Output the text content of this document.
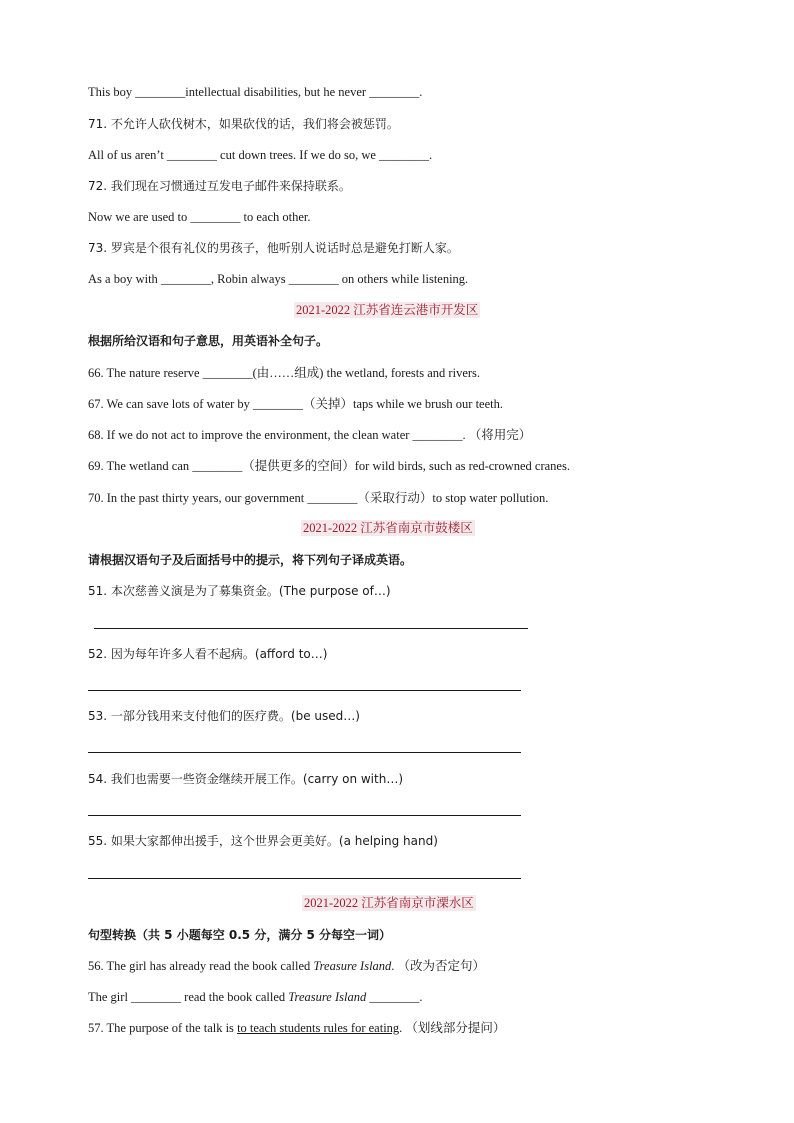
This boy ________intellectual disabilities, but he never ________.
71. 不允许人砍伐树木，如果砍伐的话，我们将会被惩罚。
All of us aren’t ________ cut down trees. If we do so, we ________.
72. 我们现在习惯通过互发电子邮件来保持联系。
Now we are used to ________ to each other.
73. 罗宾是个很有礼仪的男孩子，他听别人说话时总是避免打断人家。
As a boy with ________, Robin always ________ on others while listening.
2021-2022 江苏省连云港市开发区
根据所给汉语和句子意思，用英语补全句子。
66. The nature reserve ________(由……组成) the wetland, forests and rivers.
67. We can save lots of water by ________（关掉）taps while we brush our teeth.
68. If we do not act to improve the environment, the clean water ________. （将用完）
69. The wetland can ________（提供更多的空间）for wild birds, such as red-crowned cranes.
70. In the past thirty years, our government ________（采取行动）to stop water pollution.
2021-2022 江苏省南京市鼓楼区
请根据汉语句子及后面括号中的提示，将下列句子译成英语。
51. 本次慈善义演是为了募集资金。(The purpose of…)
52. 因为每年许多人看不起病。(afford to…)
53. 一部分钱用来支付他们的医疗费。(be used…)
54. 我们也需要一些资金继续开展工作。(carry on with…)
55. 如果大家都伸出援手，这个世界会更美好。(a helping hand)
2021-2022 江苏省南京市溧水区
句型转换（共 5 小题每空 0.5 分，满分 5 分每空一词）
56. The girl has already read the book called Treasure Island. （改为否定句）
The girl ________ read the book called Treasure Island ________.
57. The purpose of the talk is to teach students rules for eating. （划线部分提问）
